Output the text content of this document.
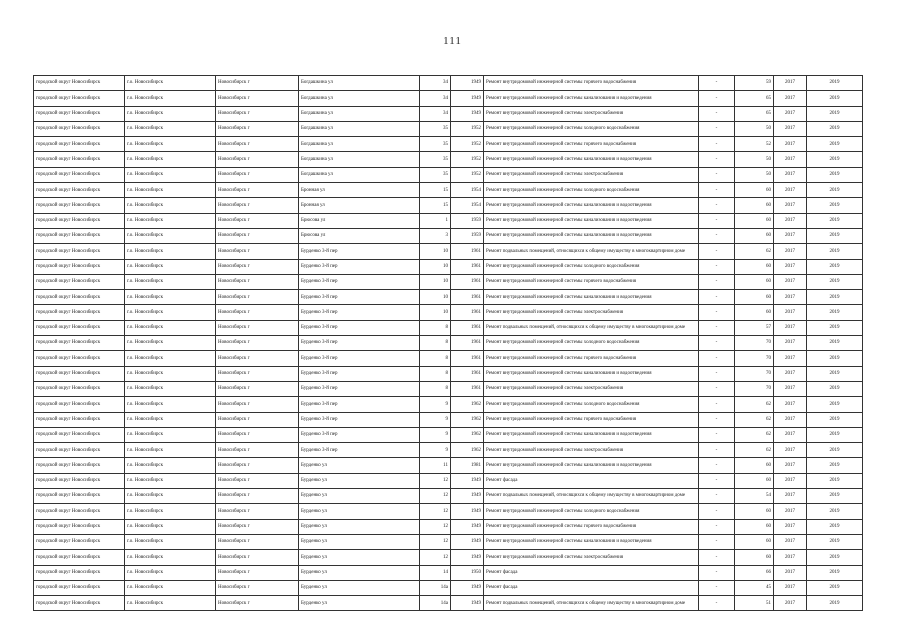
111
городской округ Новосибирск	г.о. Новосибирск	Новосибирск г	Богдашкина ул	34	1949	Ремонт внутридомовой инженерной системы горячего водоснабжения	-	59	2017	2019
городской округ Новосибирск	г.о. Новосибирск	Новосибирск г	Богдашкина ул	34	1949	Ремонт внутридомовой инженерной системы канализования и водоотведения	-	65	2017	2019
городской округ Новосибирск	г.о. Новосибирск	Новосибирск г	Богдашкина ул	34	1949	Ремонт внутридомовой инженерной системы электроснабжения	-	65	2017	2019
городской округ Новосибирск	г.о. Новосибирск	Новосибирск г	Богдашкина ул	35	1952	Ремонт внутридомовой инженерной системы холодного водоснабжения	-	50	2017	2019
городской округ Новосибирск	г.о. Новосибирск	Новосибирск г	Богдашкина ул	35	1952	Ремонт внутридомовой инженерной системы горячего водоснабжения	-	52	2017	2019
городской округ Новосибирск	г.о. Новосибирск	Новосибирск г	Богдашкина ул	35	1952	Ремонт внутридомовой инженерной системы канализования и водоотведения	-	50	2017	2019
городской округ Новосибирск	г.о. Новосибирск	Новосибирск г	Богдашкина ул	35	1952	Ремонт внутридомовой инженерной системы электроснабжения	-	50	2017	2019
городской округ Новосибирск	г.о. Новосибирск	Новосибирск г	Бронная ул	15	1954	Ремонт внутридомовой инженерной системы холодного водоснабжения	-	60	2017	2019
городской округ Новосибирск	г.о. Новосибирск	Новосибирск г	Бронная ул	15	1954	Ремонт внутридомовой инженерной системы канализования и водоотведения	-	60	2017	2019
городской округ Новосибирск	г.о. Новосибирск	Новосибирск г	Брюсова ул	1	1959	Ремонт внутридомовой инженерной системы канализования и водоотведения	-	60	2017	2019
городской округ Новосибирск	г.о. Новосибирск	Новосибирск г	Брюсова ул	3	1959	Ремонт внутридомовой инженерной системы канализования и водоотведения	-	60	2017	2019
городской округ Новосибирск	г.о. Новосибирск	Новосибирск г	Бурденко 3-й пер	10	1961	Ремонт подвальных помещений, относящихся к общему имуществу в многоквартирном доме	-	62	2017	2019
городской округ Новосибирск	г.о. Новосибирск	Новосибирск г	Бурденко 3-й пер	10	1961	Ремонт внутридомовой инженерной системы холодного водоснабжения	-	60	2017	2019
городской округ Новосибирск	г.о. Новосибирск	Новосибирск г	Бурденко 3-й пер	10	1961	Ремонт внутридомовой инженерной системы горячего водоснабжения	-	60	2017	2019
городской округ Новосибирск	г.о. Новосибирск	Новосибирск г	Бурденко 3-й пер	10	1961	Ремонт внутридомовой инженерной системы канализования и водоотведения	-	60	2017	2019
городской округ Новосибирск	г.о. Новосибирск	Новосибирск г	Бурденко 3-й пер	10	1961	Ремонт внутридомовой инженерной системы электроснабжения	-	60	2017	2019
городской округ Новосибирск	г.о. Новосибирск	Новосибирск г	Бурденко 3-й пер	8	1961	Ремонт подвальных помещений, относящихся к общему имуществу в многоквартирном доме	-	57	2017	2019
городской округ Новосибирск	г.о. Новосибирск	Новосибирск г	Бурденко 3-й пер	8	1961	Ремонт внутридомовой инженерной системы холодного водоснабжения	-	70	2017	2019
городской округ Новосибирск	г.о. Новосибирск	Новосибирск г	Бурденко 3-й пер	8	1961	Ремонт внутридомовой инженерной системы горячего водоснабжения	-	70	2017	2019
городской округ Новосибирск	г.о. Новосибирск	Новосибирск г	Бурденко 3-й пер	8	1961	Ремонт внутридомовой инженерной системы канализования и водоотведения	-	70	2017	2019
городской округ Новосибирск	г.о. Новосибирск	Новосибирск г	Бурденко 3-й пер	8	1961	Ремонт внутридомовой инженерной системы электроснабжения	-	70	2017	2019
городской округ Новосибирск	г.о. Новосибирск	Новосибирск г	Бурденко 3-й пер	9	1962	Ремонт внутридомовой инженерной системы холодного водоснабжения	-	62	2017	2019
городской округ Новосибирск	г.о. Новосибирск	Новосибирск г	Бурденко 3-й пер	9	1962	Ремонт внутридомовой инженерной системы горячего водоснабжения	-	62	2017	2019
городской округ Новосибирск	г.о. Новосибирск	Новосибирск г	Бурденко 3-й пер	9	1962	Ремонт внутридомовой инженерной системы канализования и водоотведения	-	62	2017	2019
городской округ Новосибирск	г.о. Новосибирск	Новосибирск г	Бурденко 3-й пер	9	1962	Ремонт внутридомовой инженерной системы электроснабжения	-	62	2017	2019
городской округ Новосибирск	г.о. Новосибирск	Новосибирск г	Бурденко ул	11	1981	Ремонт внутридомовой инженерной системы канализования и водоотведения	-	60	2017	2019
городской округ Новосибирск	г.о. Новосибирск	Новосибирск г	Бурденко ул	12	1949	Ремонт фасада	-	60	2017	2019
городской округ Новосибирск	г.о. Новосибирск	Новосибирск г	Бурденко ул	12	1949	Ремонт подвальных помещений, относящихся к общему имуществу в многоквартирном доме	-	54	2017	2019
городской округ Новосибирск	г.о. Новосибирск	Новосибирск г	Бурденко ул	12	1949	Ремонт внутридомовой инженерной системы холодного водоснабжения	-	60	2017	2019
городской округ Новосибирск	г.о. Новосибирск	Новосибирск г	Бурденко ул	12	1949	Ремонт внутридомовой инженерной системы горячего водоснабжения	-	60	2017	2019
городской округ Новосибирск	г.о. Новосибирск	Новосибирск г	Бурденко ул	12	1949	Ремонт внутридомовой инженерной системы канализования и водоотведения	-	60	2017	2019
городской округ Новосибирск	г.о. Новосибирск	Новосибирск г	Бурденко ул	12	1949	Ремонт внутридомовой инженерной системы электроснабжения	-	60	2017	2019
городской округ Новосибирск	г.о. Новосибирск	Новосибирск г	Бурденко ул	14	1950	Ремонт фасада	-	66	2017	2019
городской округ Новосибирск	г.о. Новосибирск	Новосибирск г	Бурденко ул	14а	1949	Ремонт фасада	-	45	2017	2019
городской округ Новосибирск	г.о. Новосибирск	Новосибирск г	Бурденко ул	14а	1949	Ремонт подвальных помещений, относящихся к общему имуществу в многоквартирном доме	-	51	2017	2019
